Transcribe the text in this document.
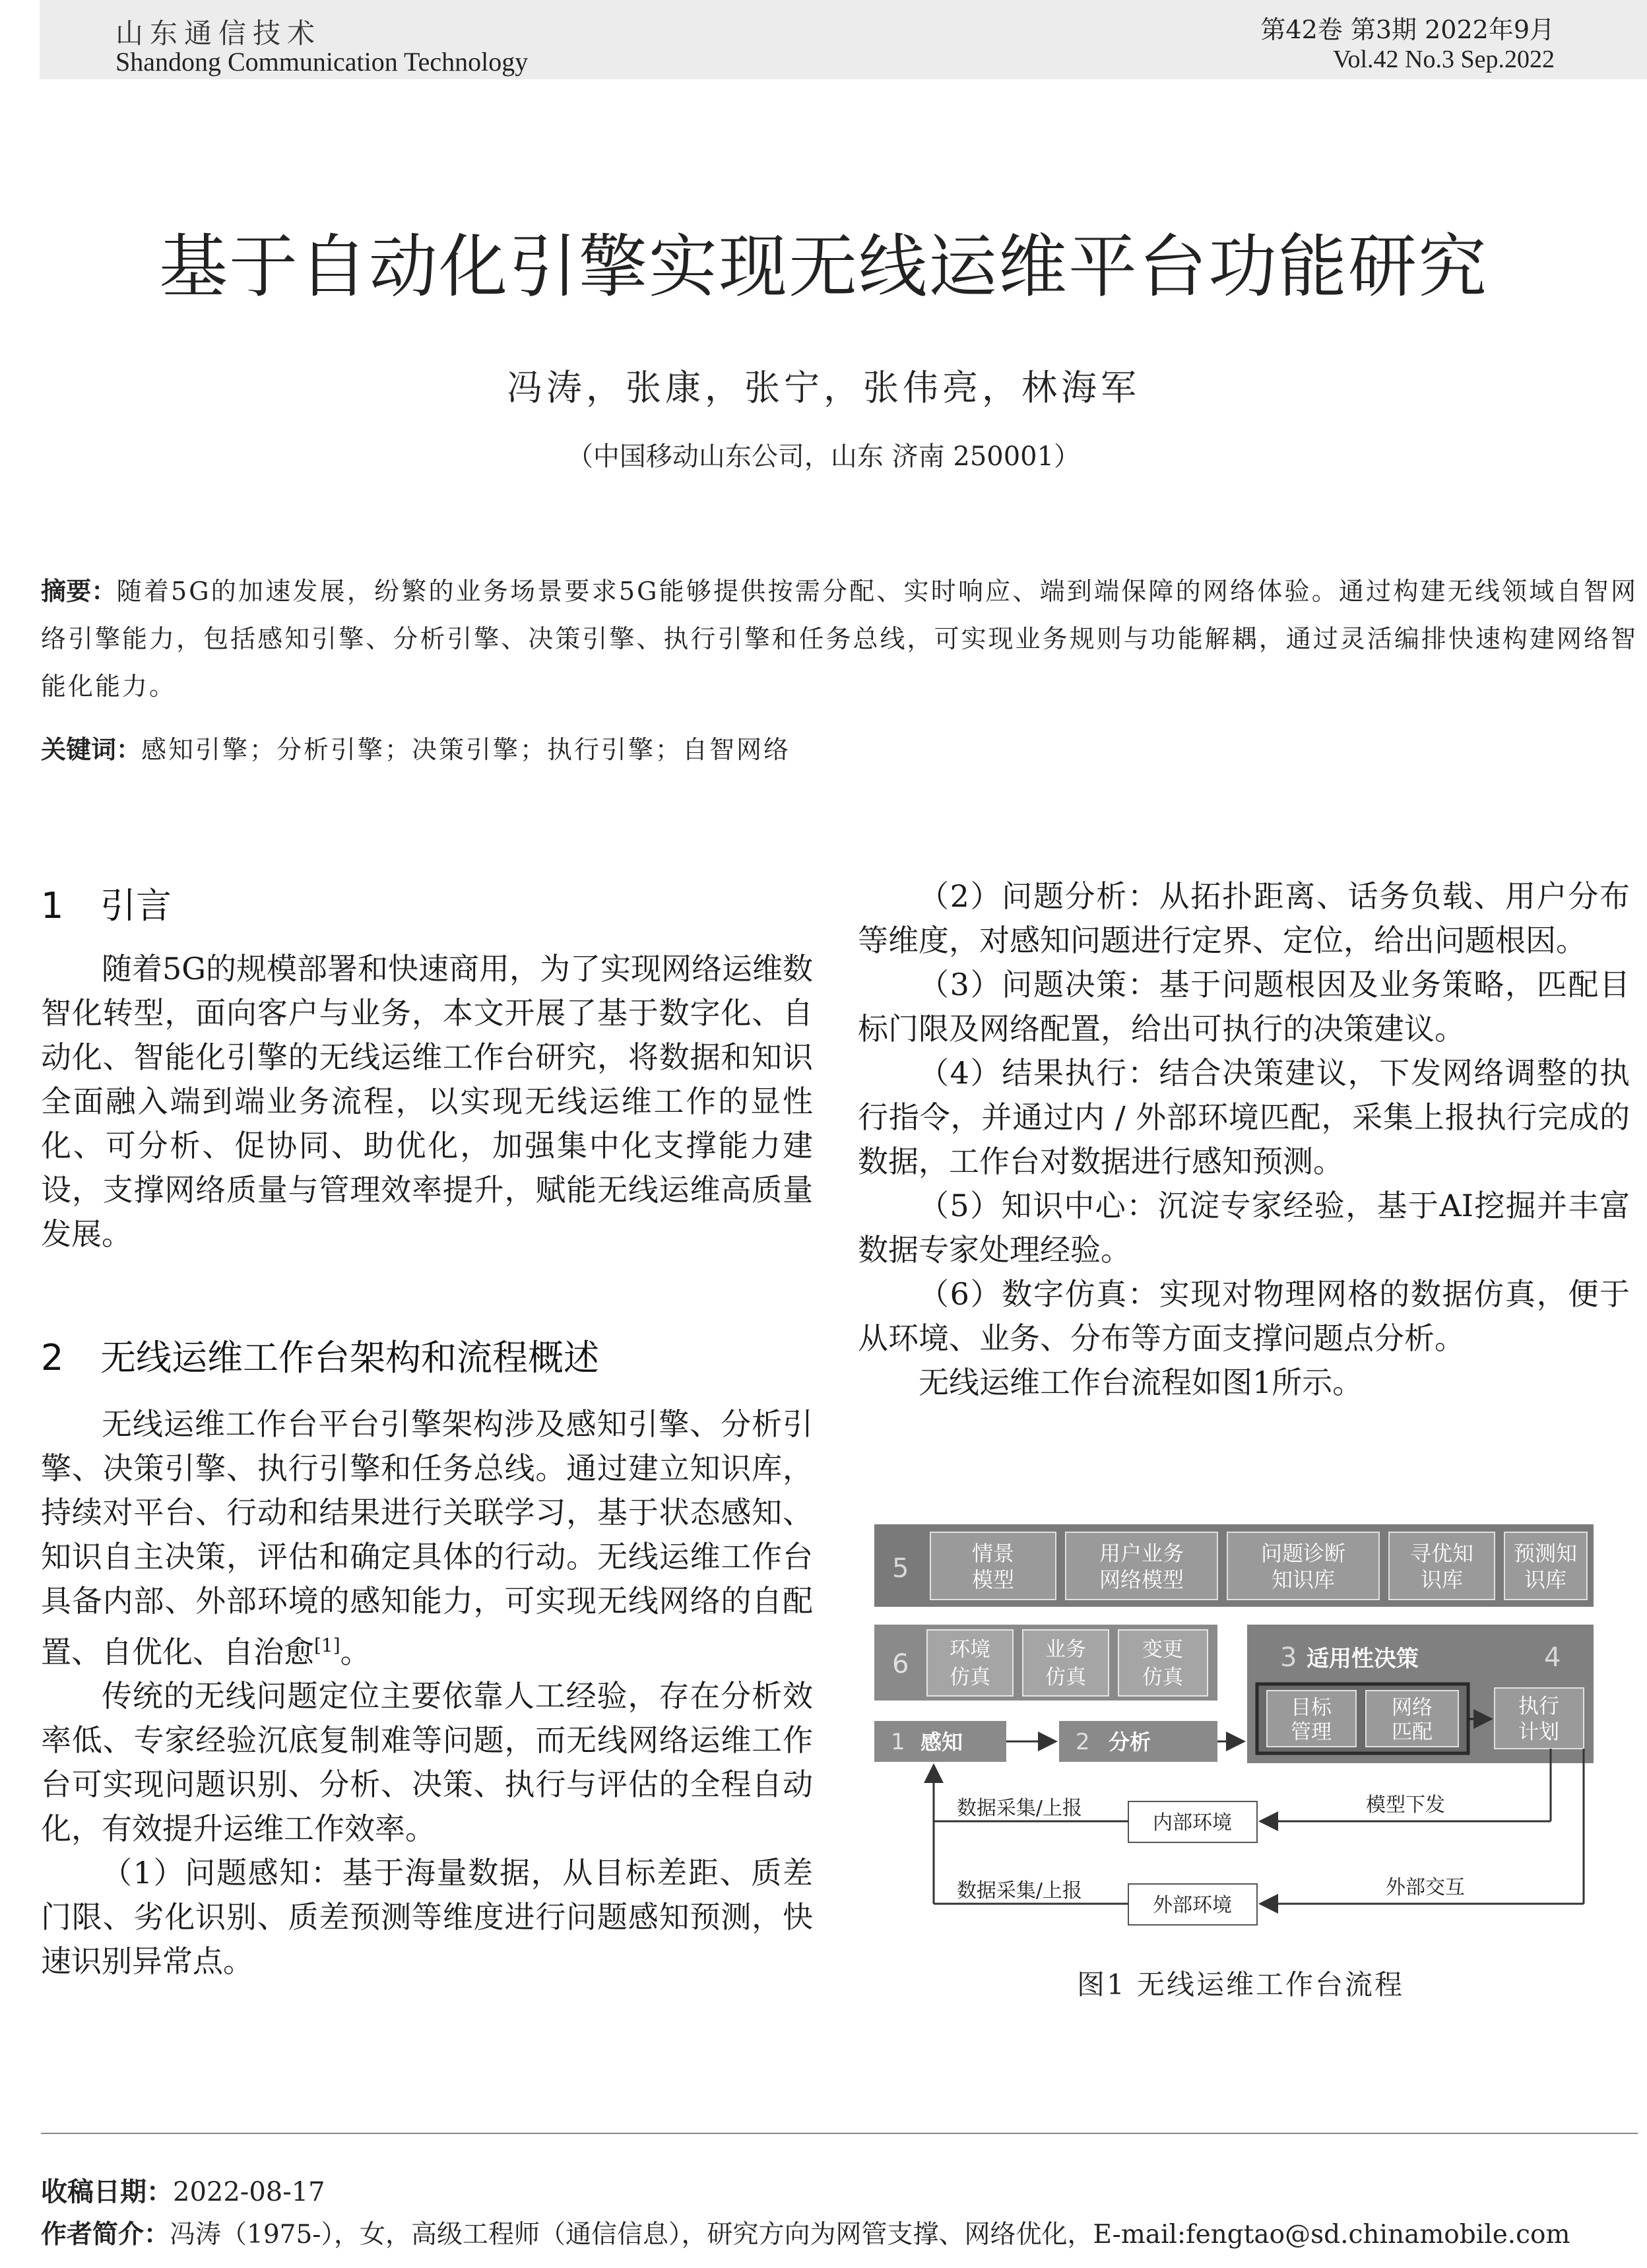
山东通信技术
Shandong Communication Technology
第42卷 第3期 2022年9月
Vol.42 No.3 Sep.2022
基于自动化引擎实现无线运维平台功能研究
冯涛，张康，张宁，张伟亮，林海军
（中国移动山东公司，山东 济南 250001）
摘要：随着5G的加速发展，纷繁的业务场景要求5G能够提供按需分配、实时响应、端到端保障的网络体验。通过构建无线领域自智网络引擎能力，包括感知引擎、分析引擎、决策引擎、执行引擎和任务总线，可实现业务规则与功能解耦，通过灵活编排快速构建网络智能化能力。
关键词：感知引擎；分析引擎；决策引擎；执行引擎；自智网络
1 引言
随着5G的规模部署和快速商用，为了实现网络运维数智化转型，面向客户与业务，本文开展了基于数字化、自动化、智能化引擎的无线运维工作台研究，将数据和知识全面融入端到端业务流程，以实现无线运维工作的显性化、可分析、促协同、助优化，加强集中化支撑能力建设，支撑网络质量与管理效率提升，赋能无线运维高质量发展。
2 无线运维工作台架构和流程概述

无线运维工作台平台引擎架构涉及感知引擎、分析引擎、决策引擎、执行引擎和任务总线。通过建立知识库，持续对平台、行动和结果进行关联学习，基于状态感知、知识自主决策，评估和确定具体的行动。无线运维工作台具备内部、外部环境的感知能力，可实现无线网络的自配置、自优化、自治愈[1]。

传统的无线问题定位主要依靠人工经验，存在分析效率低、专家经验沉底复制难等问题，而无线网络运维工作台可实现问题识别、分析、决策、执行与评估的全程自动化，有效提升运维工作效率。

（1）问题感知：基于海量数据，从目标差距、质差门限、劣化识别、质差预测等维度进行问题感知预测，快速识别异常点。

（2）问题分析：从拓扑距离、话务负载、用户分布等维度，对感知问题进行定界、定位，给出问题根因。

（3）问题决策：基于问题根因及业务策略，匹配目标门限及网络配置，给出可执行的决策建议。

（4）结果执行：结合决策建议，下发网络调整的执行指令，并通过内 / 外部环境匹配，采集上报执行完成的数据，工作台对数据进行感知预测。

（5）知识中心：沉淀专家经验，基于AI挖掘并丰富数据专家处理经验。

（6）数字仿真：实现对物理网格的数据仿真，便于从环境、业务、分布等方面支撑问题点分析。

无线运维工作台流程如图1所示。

5	情景
模型
用户业务
网络模型
问题诊断
知识库
寻优知
识库
预测知
识库
6 环境
仿真
业务
仿真
变更
仿真
3 适用性决策	4
目标
管理
网络
匹配
执行
计划
1 感知	2 分析
模型下发
内部环境
数据采集/上报
外部交互
外部环境
数据采集/上报
图1 无线运维工作台流程
收稿日期：2022-08-17
作者简介：冯涛（1975-），女，高级工程师（通信信息），研究方向为网管支撑、网络优化，E-mail:fengtao@sd.chinamobile.com
